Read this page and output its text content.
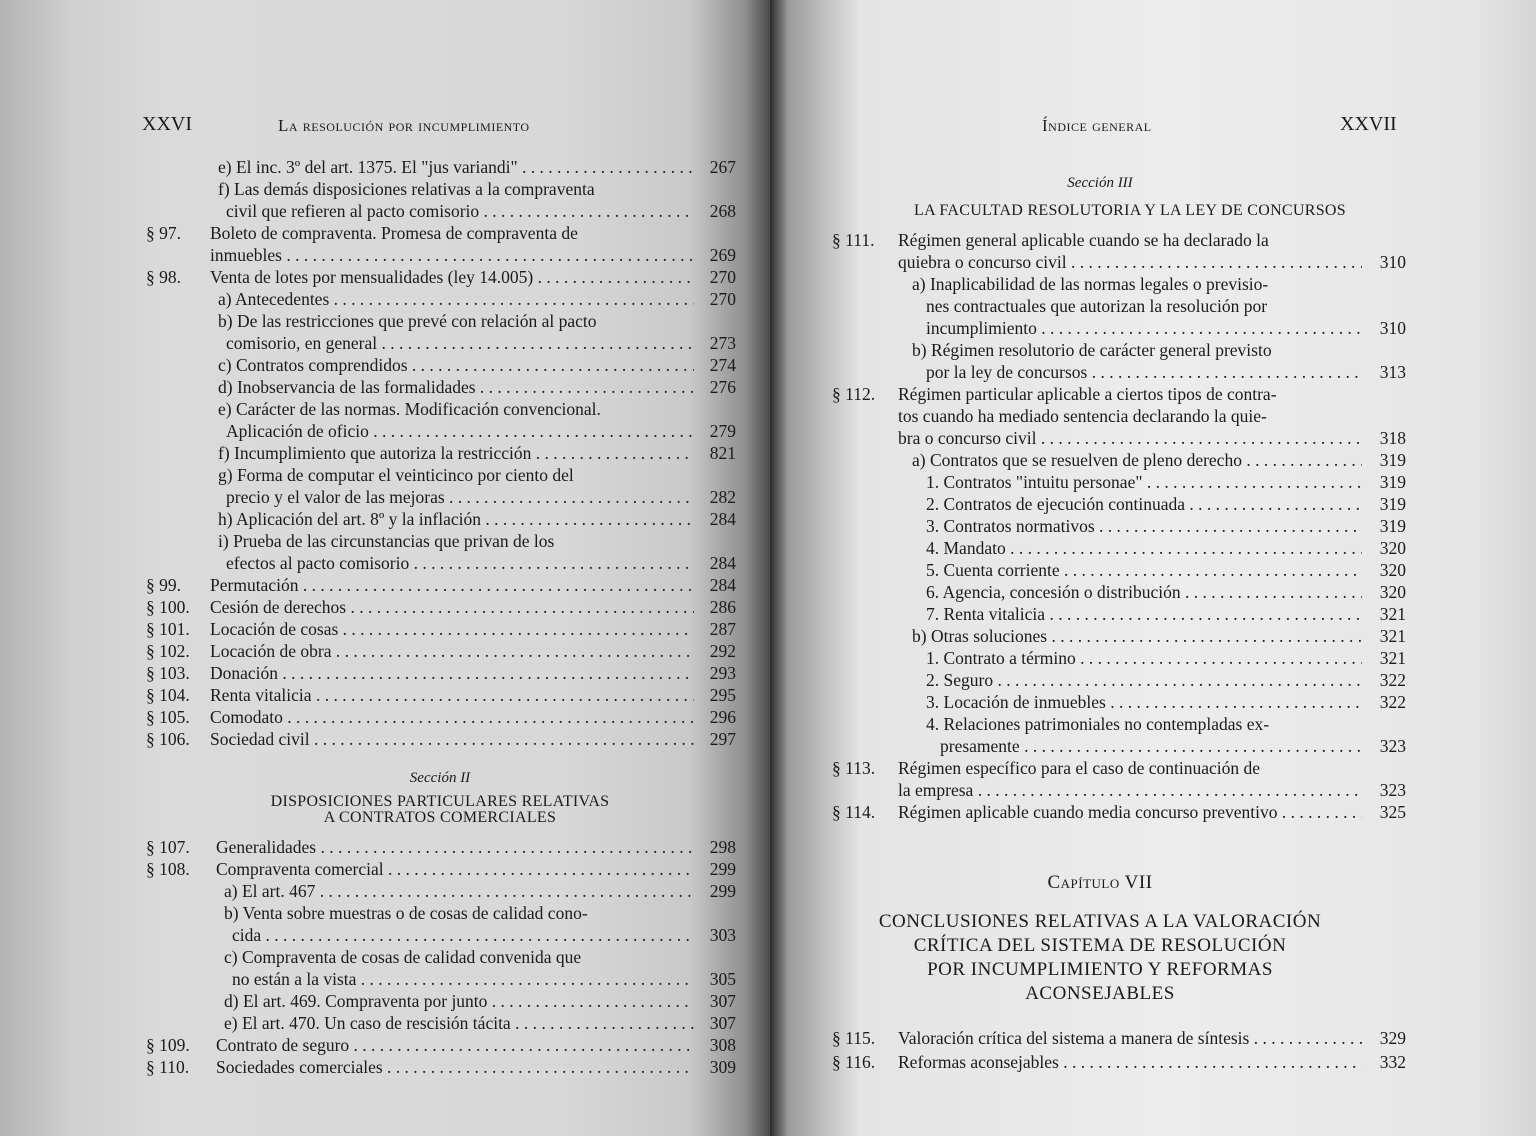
XXVI	La resolución por incumplimiento
e) El inc. 3º del art. 1375. El "jus variandi" . . .	267
f) Las demás disposiciones relativas a la compraventa
civil que refieren al pacto comisorio . . .	268
§ 97. Boleto de compraventa. Promesa de compraventa de
inmuebles . . .	269
§ 98. Venta de lotes por mensualidades (ley 14.005) . . .	270
a) Antecedentes . . .	270
b) De las restricciones que prevé con relación al pacto
comisorio, en general . . .	273
c) Contratos comprendidos . . .	274
d) Inobservancia de las formalidades . . .	276
e) Carácter de las normas. Modificación convencional.
Aplicación de oficio . . .	279
f) Incumplimiento que autoriza la restricción . . .	821
g) Forma de computar el veinticinco por ciento del
precio y el valor de las mejoras . . .	282
h) Aplicación del art. 8º y la inflación . . .	284
i) Prueba de las circunstancias que privan de los
efectos al pacto comisorio . . .	284
§ 99. Permutación . . .	284
§ 100. Cesión de derechos . . .	286
§ 101. Locación de cosas . . .	287
§ 102. Locación de obra . . .	292
§ 103. Donación . . .	293
§ 104. Renta vitalicia . . .	295
§ 105. Comodato . . .	296
§ 106. Sociedad civil . . .	297
Sección II
DISPOSICIONES PARTICULARES RELATIVAS
A CONTRATOS COMERCIALES
§ 107. Generalidades . . .	298
§ 108. Compraventa comercial . . .	299
a) El art. 467 . . .	299
b) Venta sobre muestras o de cosas de calidad cono-
cida . . .	303
c) Compraventa de cosas de calidad convenida que
no están a la vista . . .	305
d) El art. 469. Compraventa por junto . . .	307
e) El art. 470. Un caso de rescisión tácita . . .	307
§ 109. Contrato de seguro . . .	308
§ 110. Sociedades comerciales . . .	309
Índice general	XXVII
Sección III
LA FACULTAD RESOLUTORIA Y LA LEY DE CONCURSOS
§ 111. Régimen general aplicable cuando se ha declarado la
quiebra o concurso civil . . .	310
a) Inaplicabilidad de las normas legales o previsio-
nes contractuales que autorizan la resolución por
incumplimiento . . .	310
b) Régimen resolutorio de carácter general previsto
por la ley de concursos . . .	313
§ 112. Régimen particular aplicable a ciertos tipos de contra-
tos cuando ha mediado sentencia declarando la quie-
bra o concurso civil . . .	318
a) Contratos que se resuelven de pleno derecho . . .	319
1. Contratos "intuitu personae" . . .	319
2. Contratos de ejecución continuada . . .	319
3. Contratos normativos . . .	319
4. Mandato . . .	320
5. Cuenta corriente . . .	320
6. Agencia, concesión o distribución . . .	320
7. Renta vitalicia . . .	321
b) Otras soluciones . . .	321
1. Contrato a término . . .	321
2. Seguro . . .	322
3. Locación de inmuebles . . .	322
4. Relaciones patrimoniales no contempladas ex-
presamente . . .	323
§ 113. Régimen específico para el caso de continuación de
la empresa . . .	323
§ 114. Régimen aplicable cuando media concurso preventivo . . .	325
Capítulo VII
CONCLUSIONES RELATIVAS A LA VALORACIÓN
CRÍTICA DEL SISTEMA DE RESOLUCIÓN
POR INCUMPLIMIENTO Y REFORMAS
ACONSEJABLES
§ 115. Valoración crítica del sistema a manera de síntesis . . .	329
§ 116. Reformas aconsejables . . .	332
